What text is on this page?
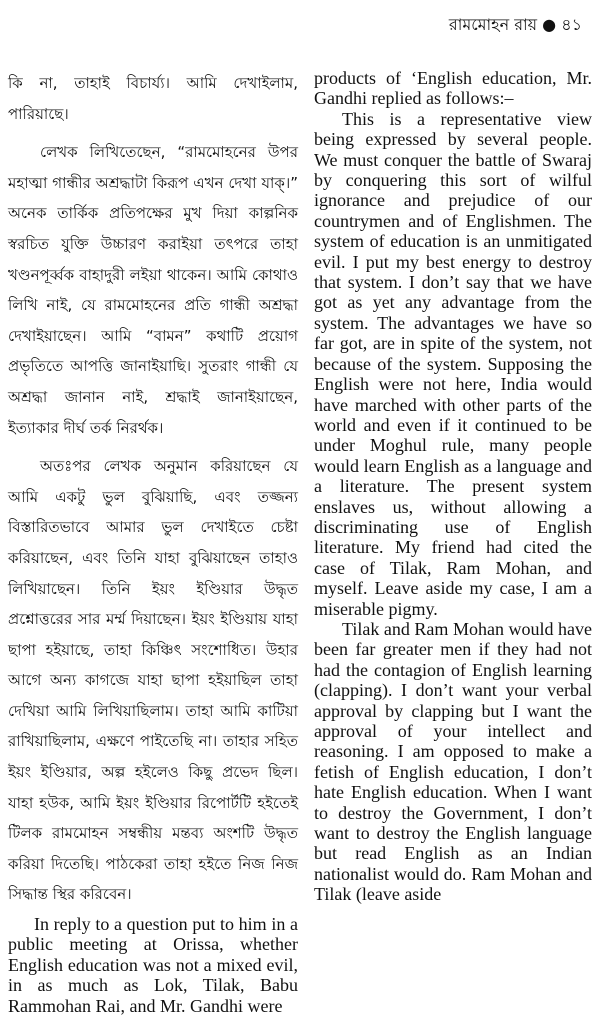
রামমোহন রায় ● ৪১

কি না, তাহাই বিচার্য্য। আমি দেখাইলাম, পারিয়াছে।

লেখক লিখিতেছেন, “রামমোহনের উপর মহাত্মা গান্ধীর অশ্রদ্ধাটা কিরূপ এখন দেখা যাক্।” অনেক তার্কিক প্রতিপক্ষের মুখ দিয়া কাল্পনিক স্বরচিত যুক্তি উচ্চারণ করাইয়া তৎপরে তাহা খণ্ডনপূর্ব্বক বাহাদুরী লইয়া থাকেন। আমি কোথাও লিখি নাই, যে রামমোহনের প্রতি গান্ধী অশ্রদ্ধা দেখাইয়াছেন। আমি “বামন” কথাটি প্রয়োগ প্রভৃতিতে আপত্তি জানাইয়াছি। সুতরাং গান্ধী যে অশ্রদ্ধা জানান নাই, শ্রদ্ধাই জানাইয়াছেন, ইত্যাকার দীর্ঘ তর্ক নিরর্থক।

অতঃপর লেখক অনুমান করিয়াছেন যে আমি একটু ভুল বুঝিয়াছি, এবং তজ্জন্য বিস্তারিতভাবে আমার ভুল দেখাইতে চেষ্টা করিয়াছেন, এবং তিনি যাহা বুঝিয়াছেন তাহাও লিখিয়াছেন। তিনি ইয়ং ইণ্ডিয়ার উদ্ধৃত প্রশ্নোত্তরের সার মর্ম্ম দিয়াছেন। ইয়ং ইণ্ডিয়ায় যাহা ছাপা হইয়াছে, তাহা কিঞ্চিৎ সংশোধিত। উহার আগে অন্য কাগজে যাহা ছাপা হইয়াছিল তাহা দেখিয়া আমি লিখিয়াছিলাম। তাহা আমি কাটিয়া রাখিয়াছিলাম, এক্ষণে পাইতেছি না। তাহার সহিত ইয়ং ইণ্ডিয়ার, অল্প হইলেও কিছু প্রভেদ ছিল। যাহা হউক, আমি ইয়ং ইণ্ডিয়ার রিপোর্টটি হইতেই টিলক রামমোহন সম্বন্ধীয় মন্তব্য অংশটি উদ্ধৃত করিয়া দিতেছি। পাঠকেরা তাহা হইতে নিজ নিজ সিদ্ধান্ত স্থির করিবেন।

In reply to a question put to him in a public meeting at Orissa, whether English education was not a mixed evil, in as much as Lok, Tilak, Babu Rammohan Rai, and Mr. Gandhi were

products of ‘English education, Mr. Gandhi replied as follows:–

This is a representative view being expressed by several people. We must conquer the battle of Swaraj by conquering this sort of wilful ignorance and prejudice of our countrymen and of Englishmen. The system of education is an unmitigated evil. I put my best energy to destroy that system. I don’t say that we have got as yet any advantage from the system. The advantages we have so far got, are in spite of the system, not because of the system. Supposing the English were not here, India would have marched with other parts of the world and even if it continued to be under Moghul rule, many people would learn English as a language and a literature. The present system enslaves us, without allowing a discriminating use of English literature. My friend had cited the case of Tilak, Ram Mohan, and myself. Leave aside my case, I am a miserable pigmy.

Tilak and Ram Mohan would have been far greater men if they had not had the contagion of English learning (clapping). I don’t want your verbal approval by clapping but I want the approval of your intellect and reasoning. I am opposed to make a fetish of English education, I don’t hate English education. When I want to destroy the Government, I don’t want to destroy the English language but read English as an Indian nationalist would do. Ram Mohan and Tilak (leave aside
